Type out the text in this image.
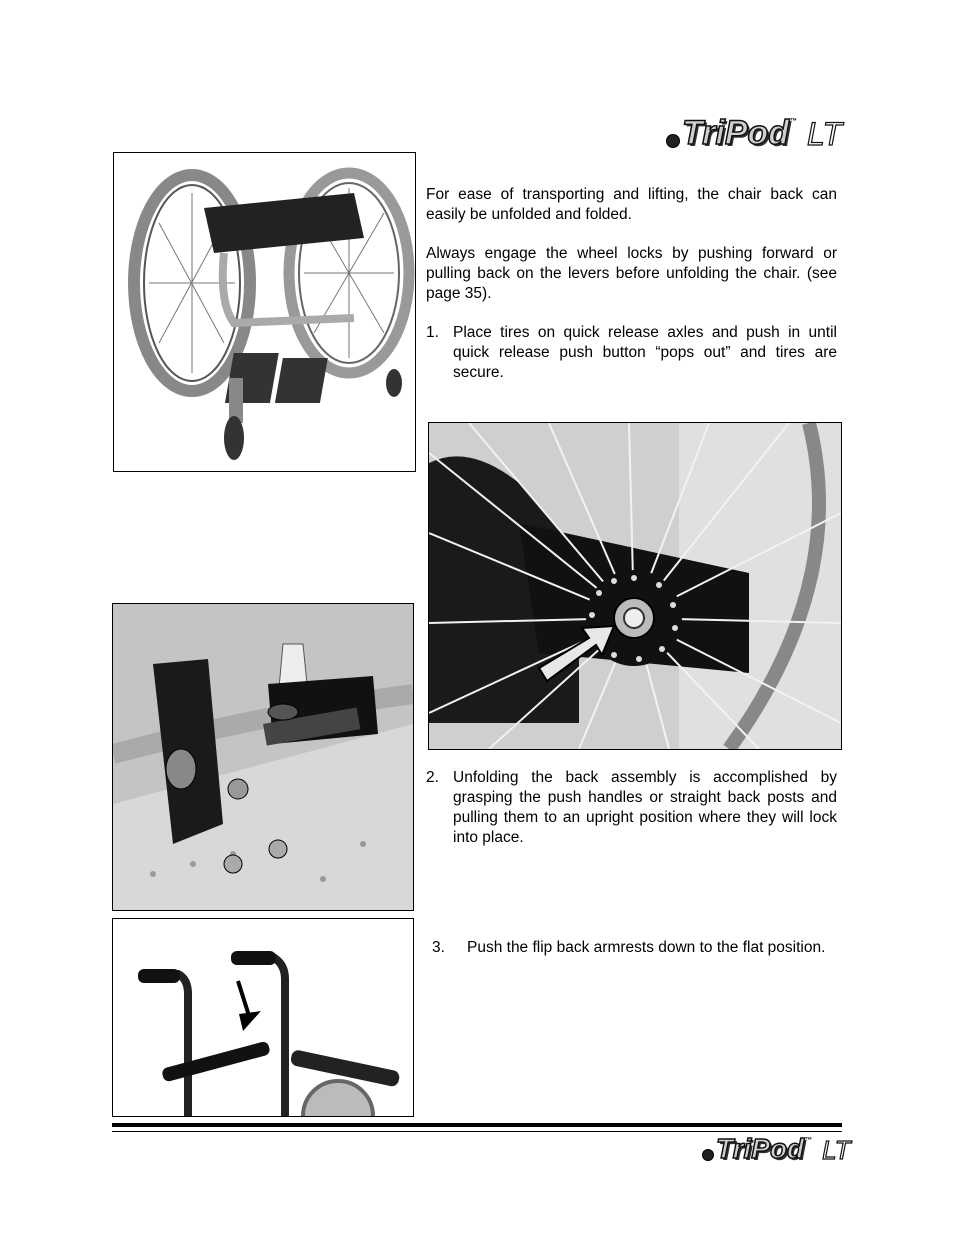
TriPod ™ LT

For ease of transporting and lifting, the chair back can easily be unfolded and folded.

Always engage the wheel locks by pushing forward or pulling back on the levers before unfolding the chair. (see page 35).

1. Place tires on quick release axles and push in until quick release push button “pops out” and tires are secure.
2. Unfolding the back assembly is accomplished by grasping the push handles or straight back posts and pulling them to an upright position where they will lock into place.
3.	Push the flip back armrests down to the flat position.
TriPod ™ LT
